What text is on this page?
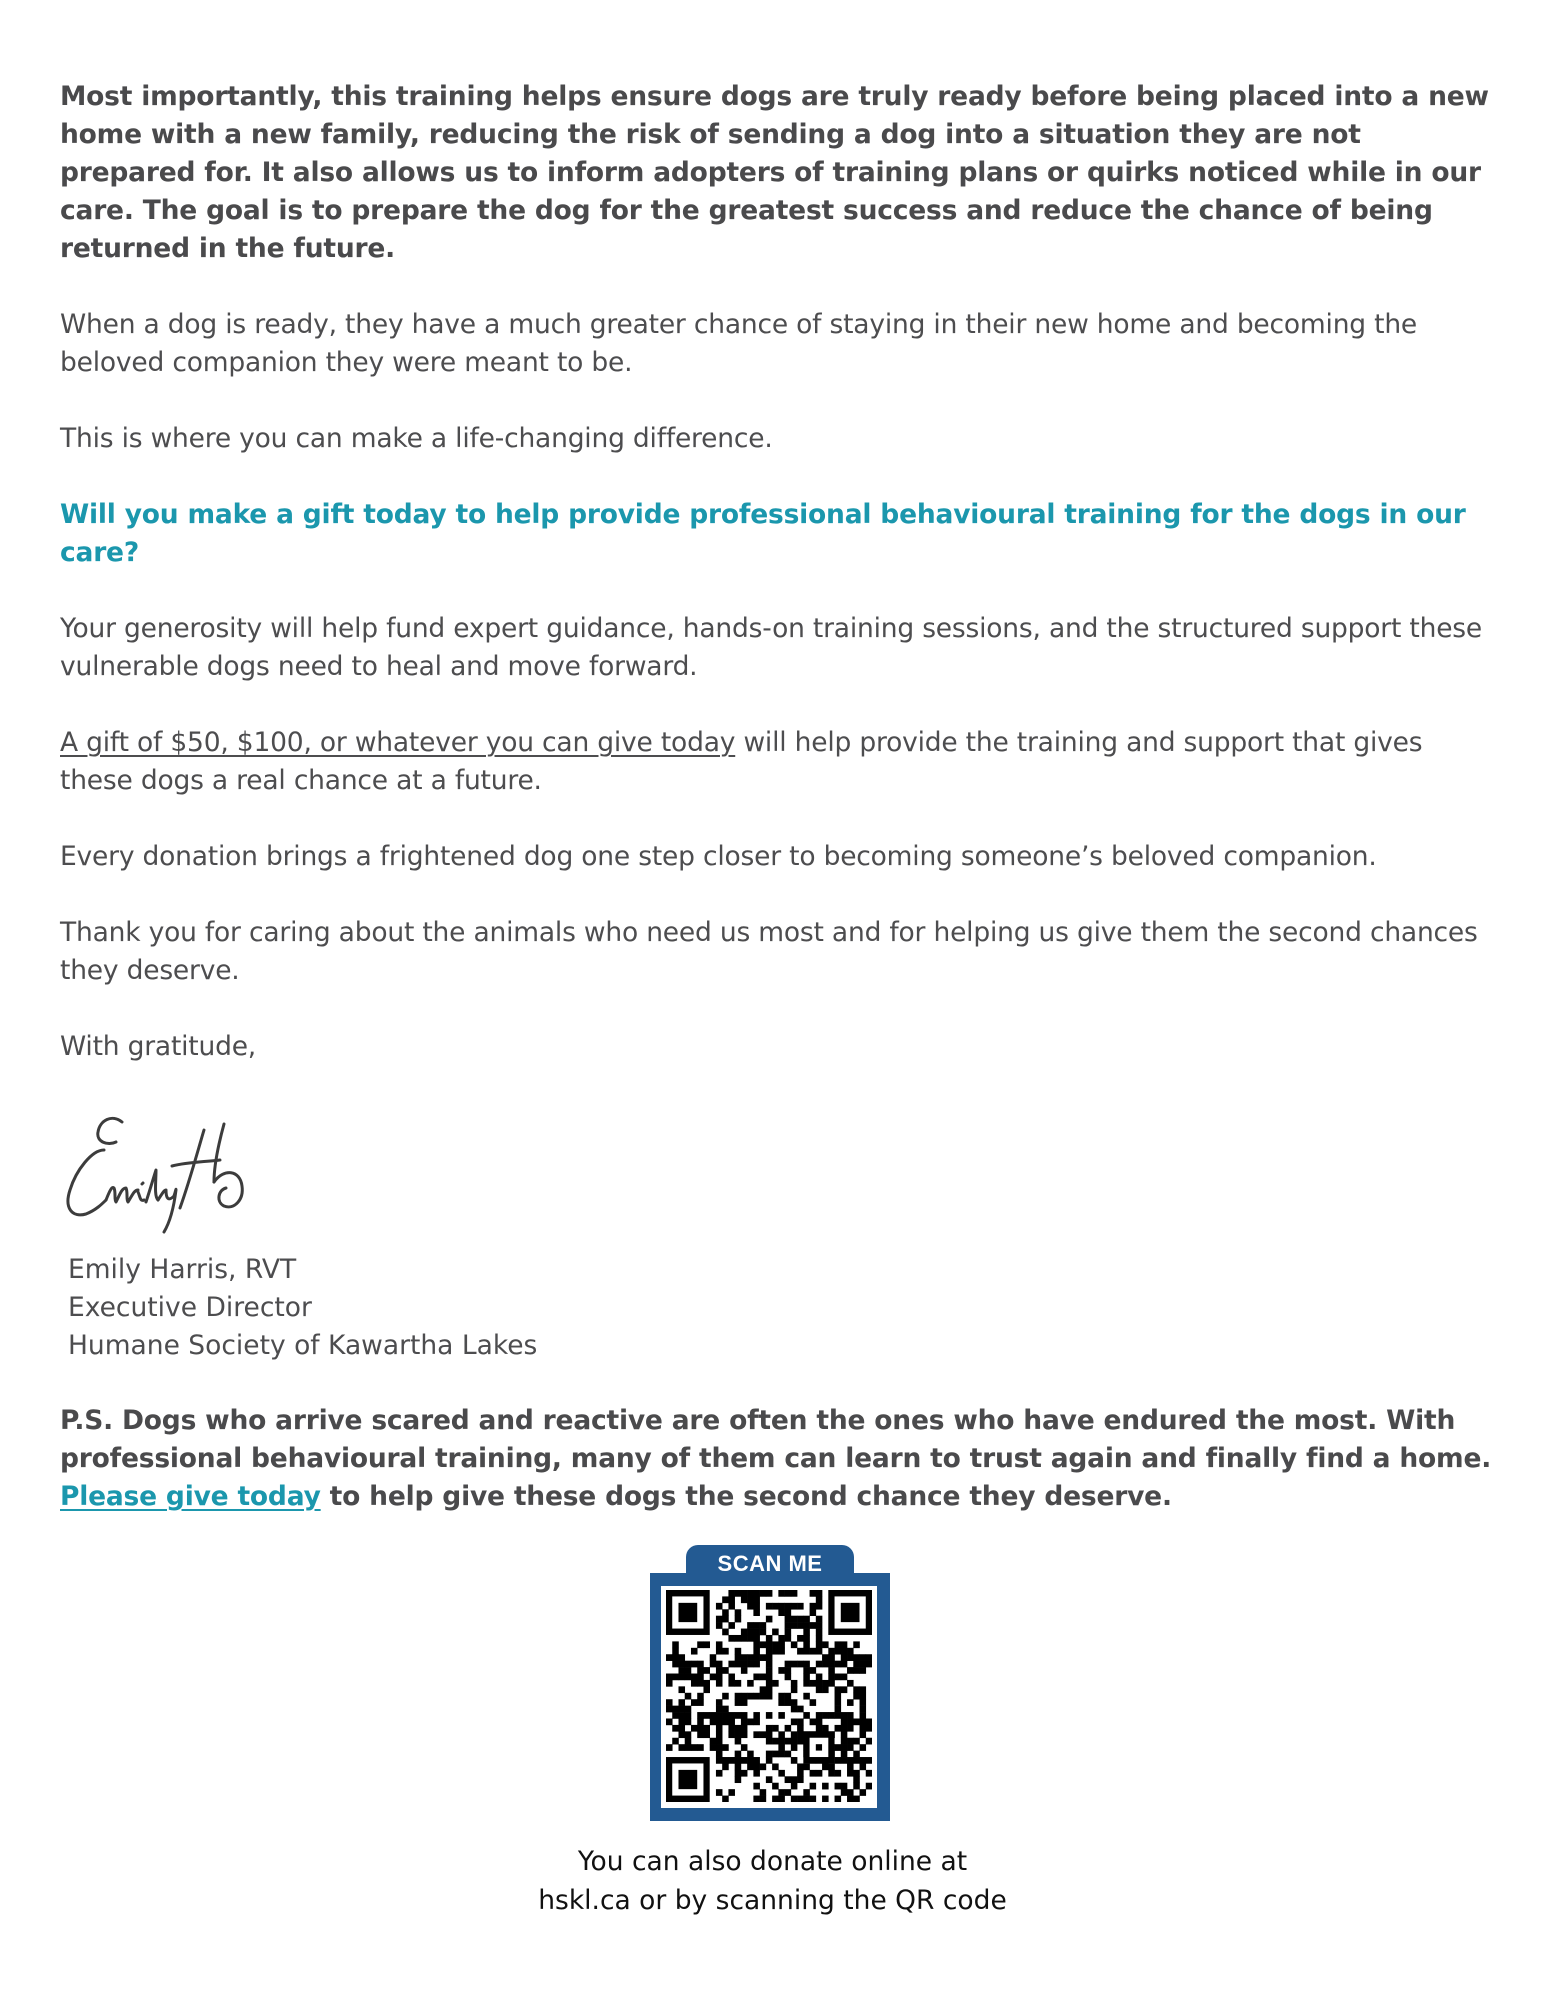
Most importantly, this training helps ensure dogs are truly ready before being placed into a new home with a new family, reducing the risk of sending a dog into a situation they are not prepared for. It also allows us to inform adopters of training plans or quirks noticed while in our care. The goal is to prepare the dog for the greatest success and reduce the chance of being returned in the future.

When a dog is ready, they have a much greater chance of staying in their new home and becoming the beloved companion they were meant to be.

This is where you can make a life-changing difference.

Will you make a gift today to help provide professional behavioural training for the dogs in our care?

Your generosity will help fund expert guidance, hands-on training sessions, and the structured support these vulnerable dogs need to heal and move forward.

A gift of $50, $100, or whatever you can give today will help provide the training and support that gives these dogs a real chance at a future.

Every donation brings a frightened dog one step closer to becoming someone’s beloved companion.

Thank you for caring about the animals who need us most and for helping us give them the second chances they deserve.

With gratitude,

Emily Harris, RVT
Executive Director
Humane Society of Kawartha Lakes

P.S. Dogs who arrive scared and reactive are often the ones who have endured the most. With professional behavioural training, many of them can learn to trust again and finally find a home. Please give today to help give these dogs the second chance they deserve.

SCAN ME
You can also donate online at
hskl.ca or by scanning the QR code
